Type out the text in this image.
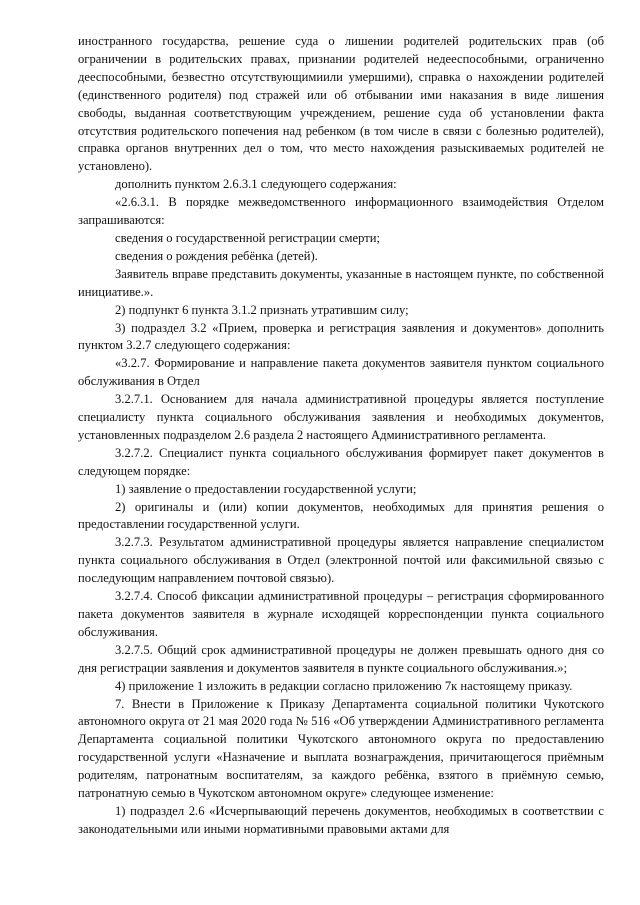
иностранного государства, решение суда о лишении родителей родительских прав (об ограничении в родительских правах, признании родителей недееспособными, ограниченно дееспособными, безвестно отсутствующимиили умершими), справка о нахождении родителей (единственного родителя) под стражей или об отбывании ими наказания в виде лишения свободы, выданная соответствующим учреждением, решение суда об установлении факта отсутствия родительского попечения над ребенком (в том числе в связи с болезнью родителей), справка органов внутренних дел о том, что место нахождения разыскиваемых родителей не установлено).

дополнить пунктом 2.6.3.1 следующего содержания:

«2.6.3.1. В порядке межведомственного информационного взаимодействия Отделом запрашиваются:

сведения о государственной регистрации смерти;

сведения о рождения ребёнка (детей).

Заявитель вправе представить документы, указанные в настоящем пункте, по собственной инициативе.».

2) подпункт 6 пункта 3.1.2 признать утратившим силу;

3) подраздел 3.2 «Прием, проверка и регистрация заявления и документов» дополнить пунктом 3.2.7 следующего содержания:

«3.2.7. Формирование и направление пакета документов заявителя пунктом социального обслуживания в Отдел

3.2.7.1. Основанием для начала административной процедуры является поступление специалисту пункта социального обслуживания заявления и необходимых документов, установленных подразделом 2.6 раздела 2 настоящего Административного регламента.

3.2.7.2. Специалист пункта социального обслуживания формирует пакет документов в следующем порядке:

1) заявление о предоставлении государственной услуги;

2) оригиналы и (или) копии документов, необходимых для принятия решения о предоставлении государственной услуги.

3.2.7.3. Результатом административной процедуры является направление специалистом пункта социального обслуживания в Отдел (электронной почтой или факсимильной связью с последующим направлением почтовой связью).

3.2.7.4. Способ фиксации административной процедуры – регистрация сформированного пакета документов заявителя в журнале исходящей корреспонденции пункта социального обслуживания.

3.2.7.5. Общий срок административной процедуры не должен превышать одного дня со дня регистрации заявления и документов заявителя в пункте социального обслуживания.»;

4) приложение 1 изложить в редакции согласно приложению 7к настоящему приказу.

7. Внести в Приложение к Приказу Департамента социальной политики Чукотского автономного округа от 21 мая 2020 года № 516 «Об утверждении Административного регламента Департамента социальной политики Чукотского автономного округа по предоставлению государственной услуги «Назначение и выплата вознаграждения, причитающегося приёмным родителям, патронатным воспитателям, за каждого ребёнка, взятого в приёмную семью, патронатную семью в Чукотском автономном округе» следующее изменение:

1) подраздел 2.6 «Исчерпывающий перечень документов, необходимых в соответствии с законодательными или иными нормативными правовыми актами для
